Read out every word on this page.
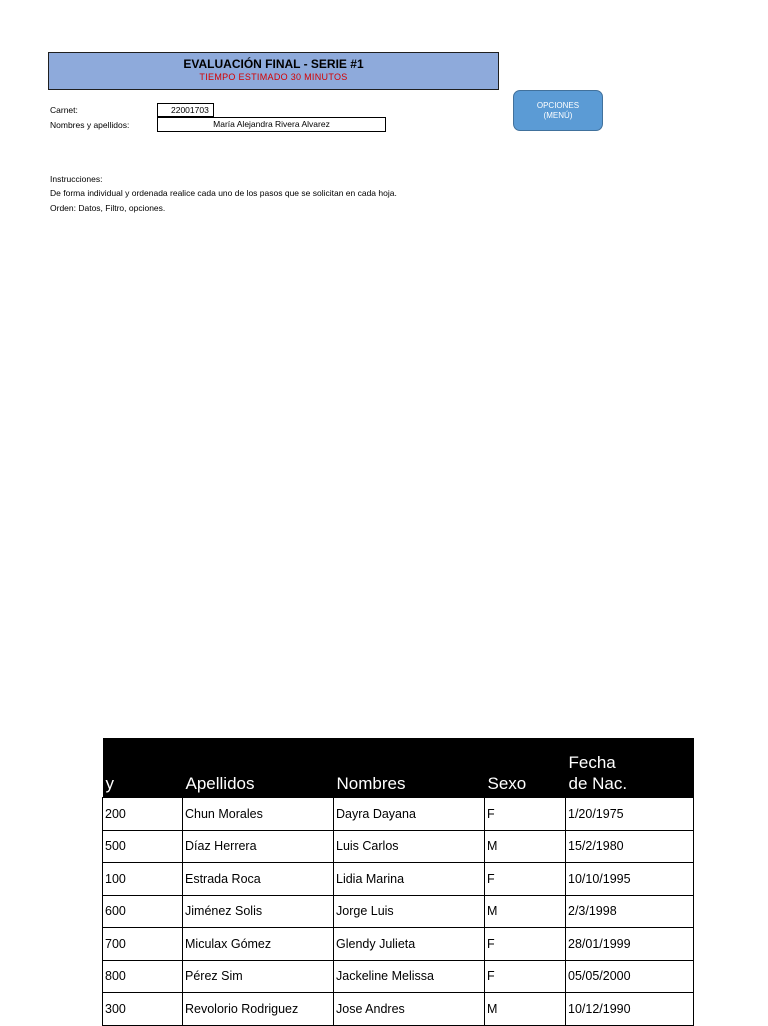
EVALUACIÓN FINAL - SERIE #1
TIEMPO ESTIMADO 30 MINUTOS
OPCIONES
(MENÚ)
Carnet:	22001703
Nombres y apellidos:	María Alejandra Rivera Alvarez
Instrucciones:
De forma individual y ordenada realice cada uno de los pasos que se solicitan en cada hoja.
Orden: Datos, Filtro, opciones.
y	Apellidos	Nombres	Sexo	Fecha
de Nac.

200	Chun Morales	Dayra Dayana	F	1/20/1975
500	Díaz Herrera	Luis Carlos	M	15/2/1980
100	Estrada Roca	Lidia Marina	F	10/10/1995
600	Jiménez Solis	Jorge Luis	M	2/3/1998
700	Miculax Gómez	Glendy Julieta	F	28/01/1999
800	Pérez Sim	Jackeline Melissa	F	05/05/2000
300	Revolorio Rodriguez	Jose Andres	M	10/12/1990
